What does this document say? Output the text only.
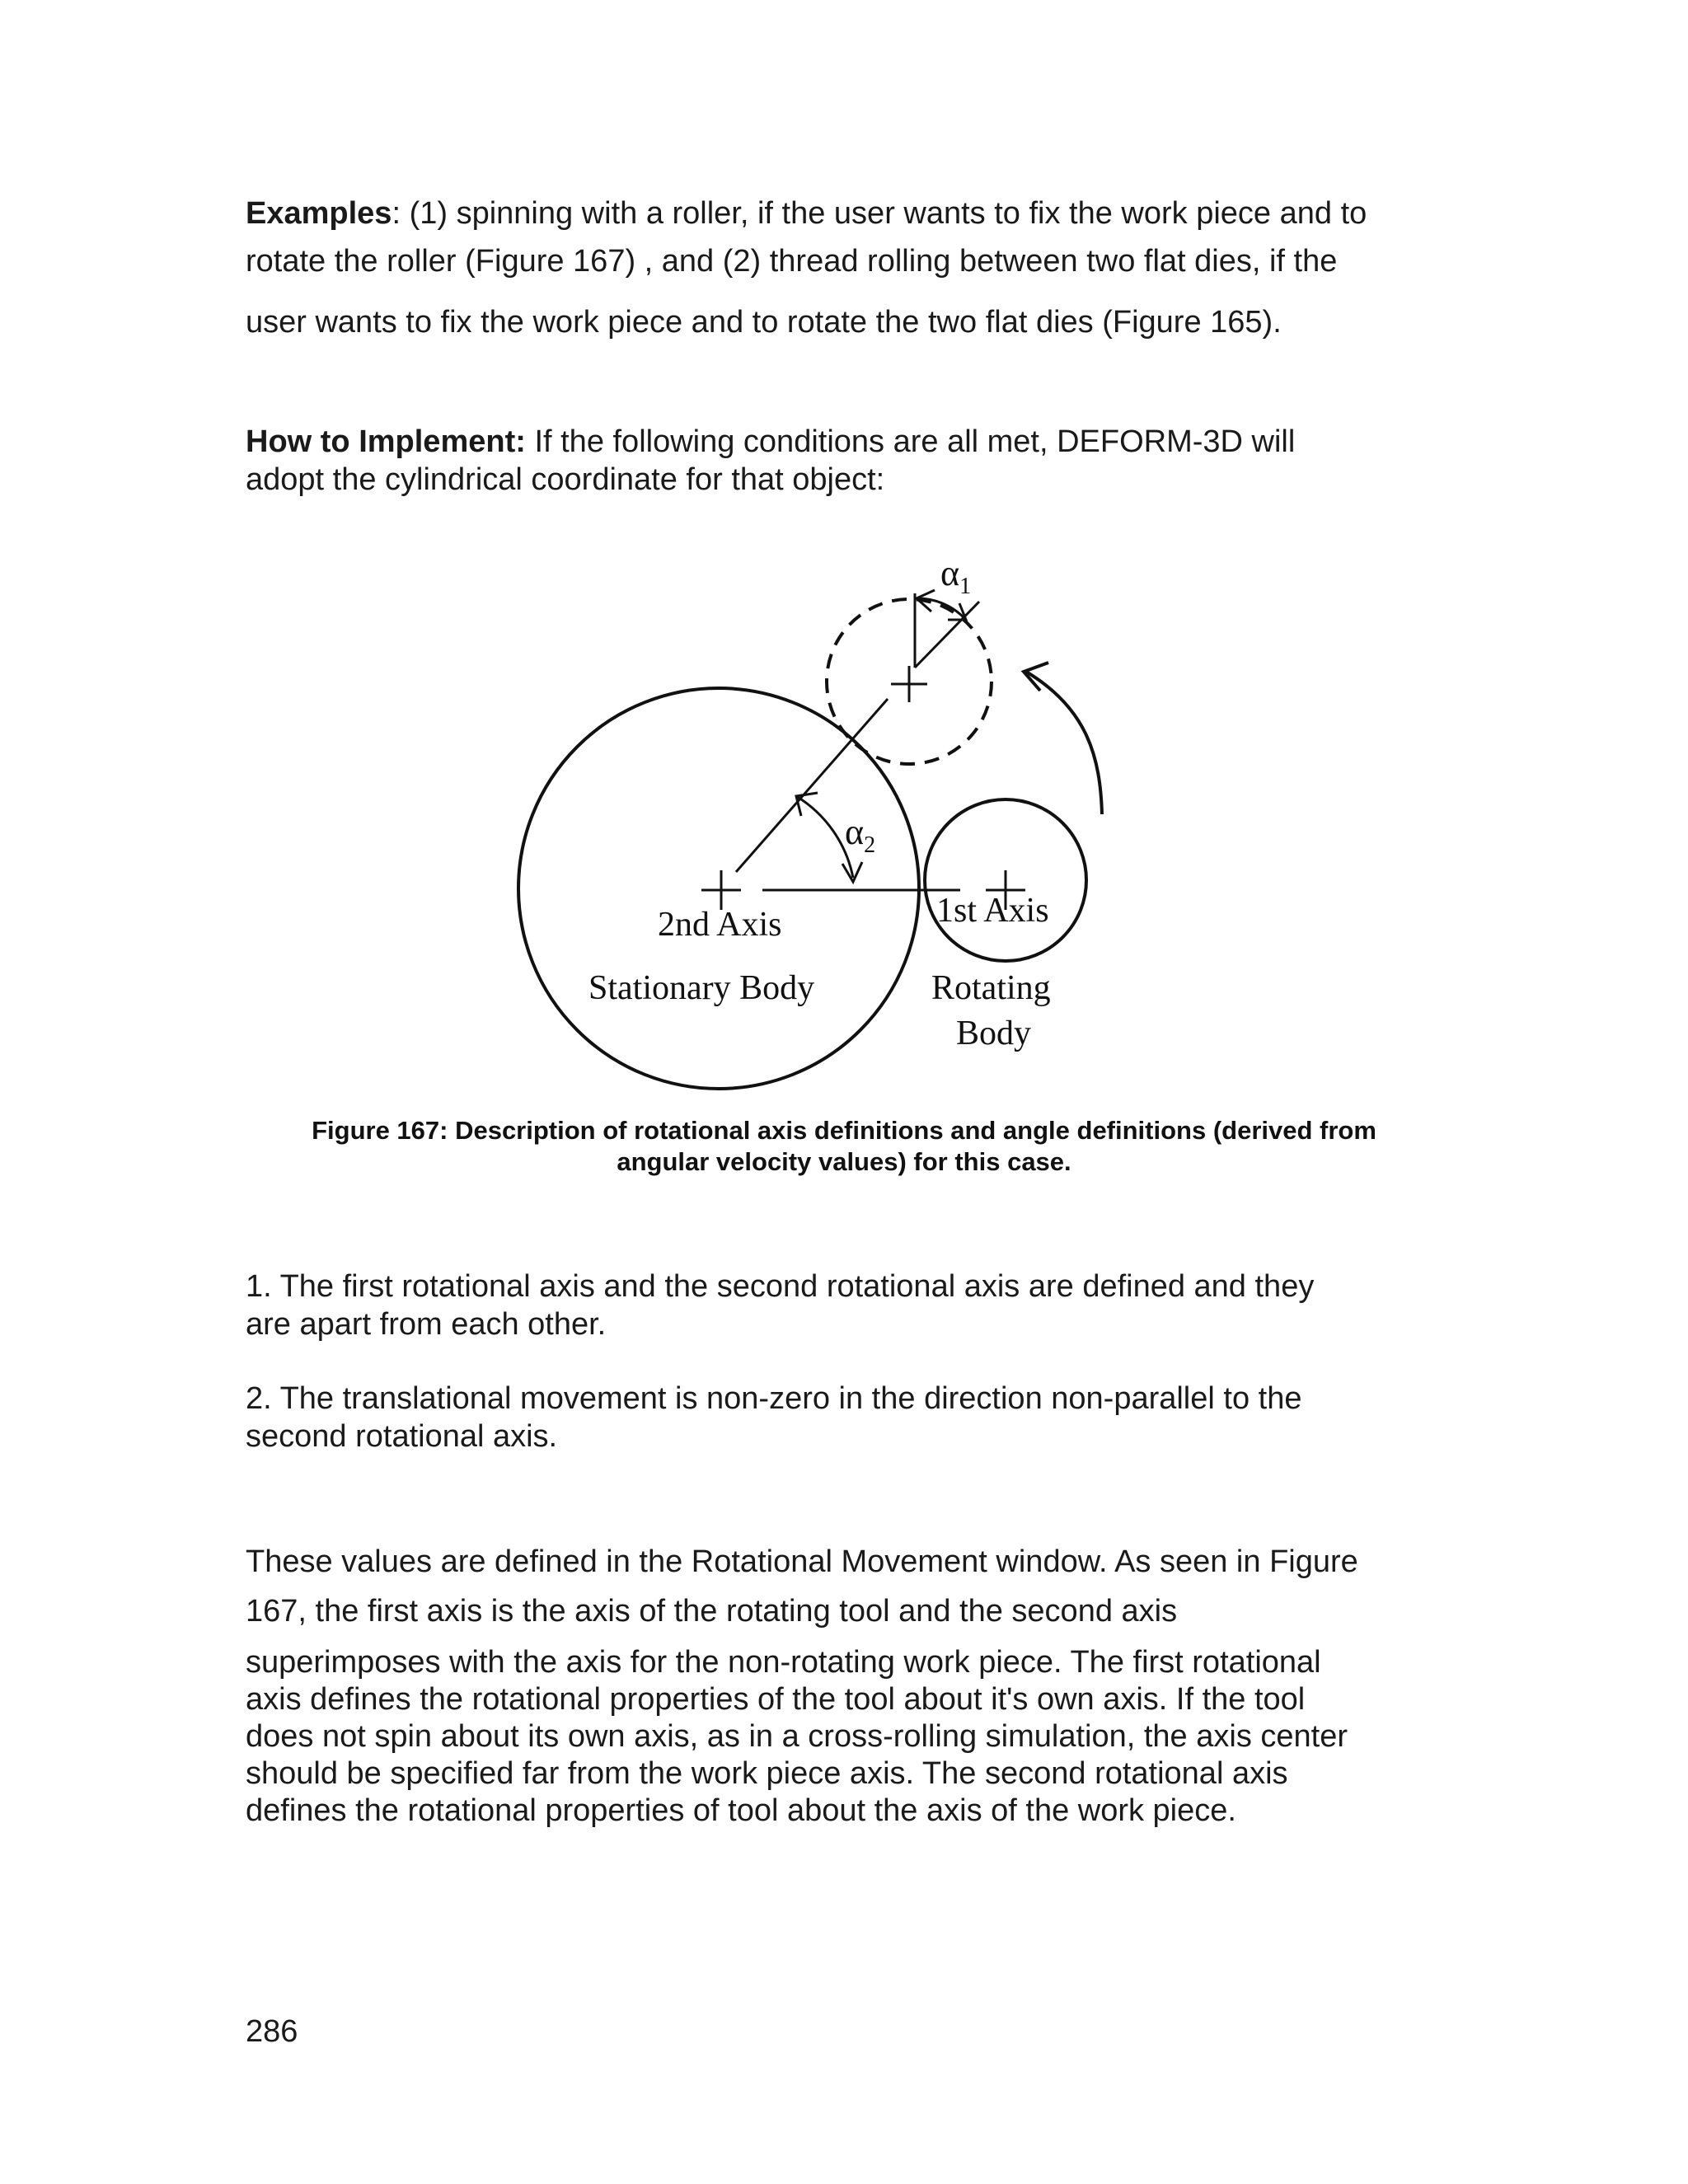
Examples: (1) spinning with a roller, if the user wants to fix the work piece and to
rotate the roller (Figure 167) , and (2) thread rolling between two flat dies, if the
user wants to fix the work piece and to rotate the two flat dies (Figure 165).
How to Implement: If the following conditions are all met, DEFORM-3D will
adopt the cylindrical coordinate for that object:
$\alpha_1$
$\alpha_2$
2nd Axis
Stationary Body
1st Axis
Rotating
Body
Figure 167: Description of rotational axis definitions and angle definitions (derived from
angular velocity values) for this case.
1. The first rotational axis and the second rotational axis are defined and they
are apart from each other.
2. The translational movement is non-zero in the direction non-parallel to the
second rotational axis.
These values are defined in the Rotational Movement window. As seen in Figure
167, the first axis is the axis of the rotating tool and the second axis
superimposes with the axis for the non-rotating work piece. The first rotational
axis defines the rotational properties of the tool about it's own axis. If the tool
does not spin about its own axis, as in a cross-rolling simulation, the axis center
should be specified far from the work piece axis. The second rotational axis
defines the rotational properties of tool about the axis of the work piece.
286
